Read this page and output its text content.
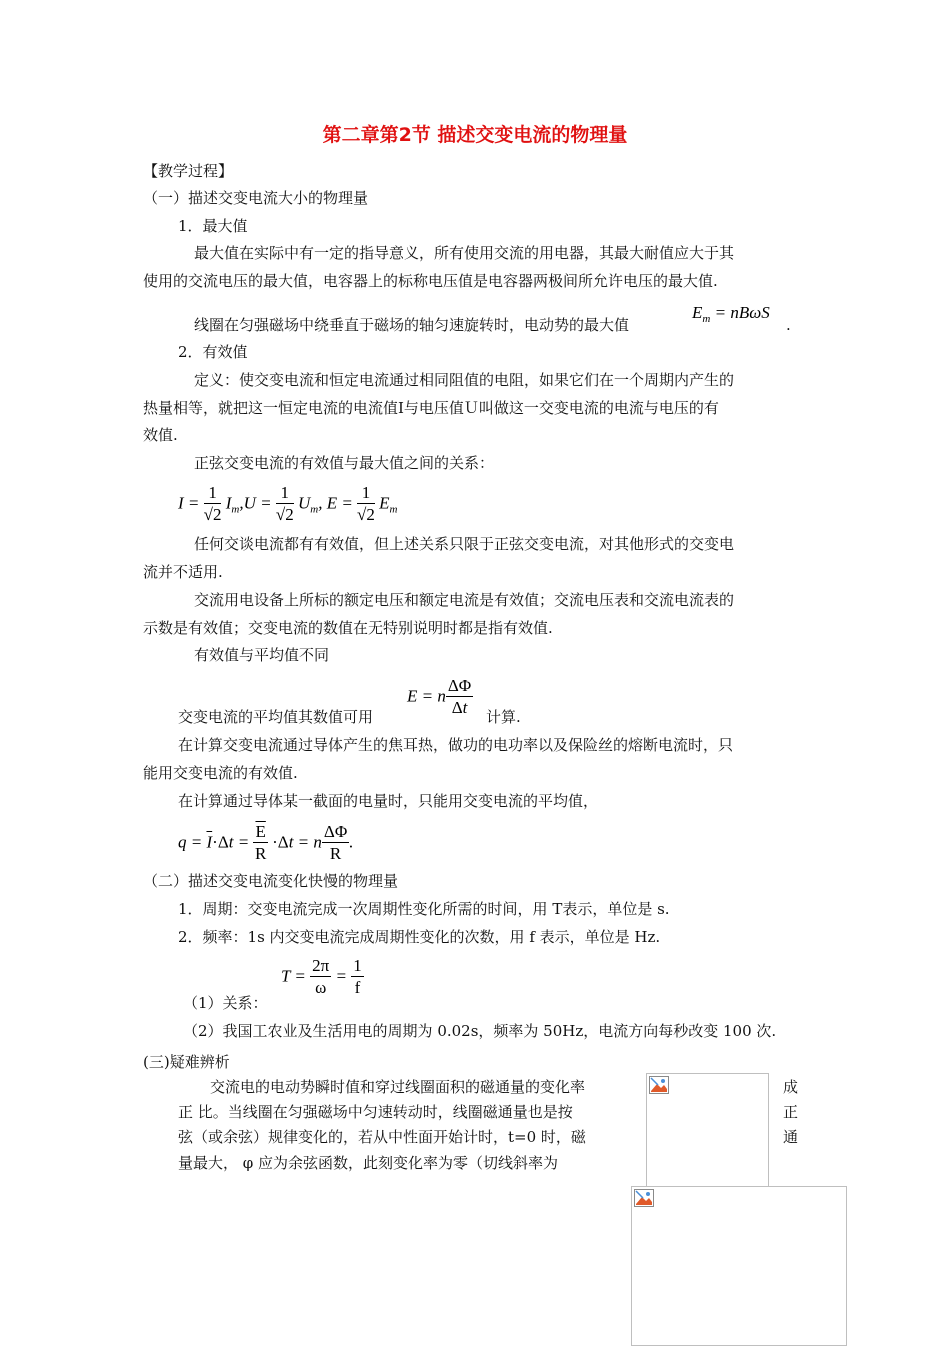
第二章第2节 描述交变电流的物理量
【教学过程】
（一）描述交变电流大小的物理量
1．最大值
最大值在实际中有一定的指导意义，所有使用交流的用电器，其最大耐值应大于其
使用的交流电压的最大值，电容器上的标称电压值是电容器两极间所允许电压的最大值.
线圈在匀强磁场中绕垂直于磁场的轴匀速旋转时，电动势的最大值
$E_m = nB\omega S$
.
2．有效值
定义：使交变电流和恒定电流通过相同阻值的电阻，如果它们在一个周期内产生的
热量相等，就把这一恒定电流的电流值Ⅰ与电压值Ｕ叫做这一交变电流的电流与电压的有
效值.
正弦交变电流的有效值与最大值之间的关系：
$I = \frac{1}{√2} I_m,U = \frac{1}{√2} U_m$, $E = \frac{1}{√2} E_m$
任何交谈电流都有有效值，但上述关系只限于正弦交变电流，对其他形式的交变电
流并不适用.
交流用电设备上所标的额定电压和额定电流是有效值；交流电压表和交流电流表的
示数是有效值；交变电流的数值在无特别说明时都是指有效值.
有效值与平均值不同
交变电流的平均值其数值可用
E = n $\frac{\Delta\Phi}{\Delta t}$ 计算.
在计算交变电流通过导体产生的焦耳热，做功的电功率以及保险丝的熔断电流时，只
能用交变电流的有效值.
在计算通过导体某一截面的电量时，只能用交变电流的平均值，
$q = \overline{I}\cdot\Delta t = \frac{\overline{E}}{R} \cdot\Delta t = n \frac{\Delta\Phi}{R}$ .
（二）描述交变电流变化快慢的物理量
1．周期：交变电流完成一次周期性变化所需的时间，用 T表示，单位是 s.
2．频率：1s 内交变电流完成周期性变化的次数，用 f 表示，单位是 Hz.
$T = \frac{2\pi}{\omega} = \frac{1}{f}$
（1）关系：
（2）我国工农业及生活用电的周期为 0.02s，频率为 50Hz，电流方向每秒改变 100 次.
(三)疑难辨析
交流电的电动势瞬时值和穿过线圈面积的磁通量的变化率
正 比。当线圈在匀强磁场中匀速转动时，线圈磁通量也是按
弦（或余弦）规律变化的，若从中性面开始计时，t=0 时，磁
量最大， φ 应为余弦函数，此刻变化率为零（切线斜率为
成
正
通
